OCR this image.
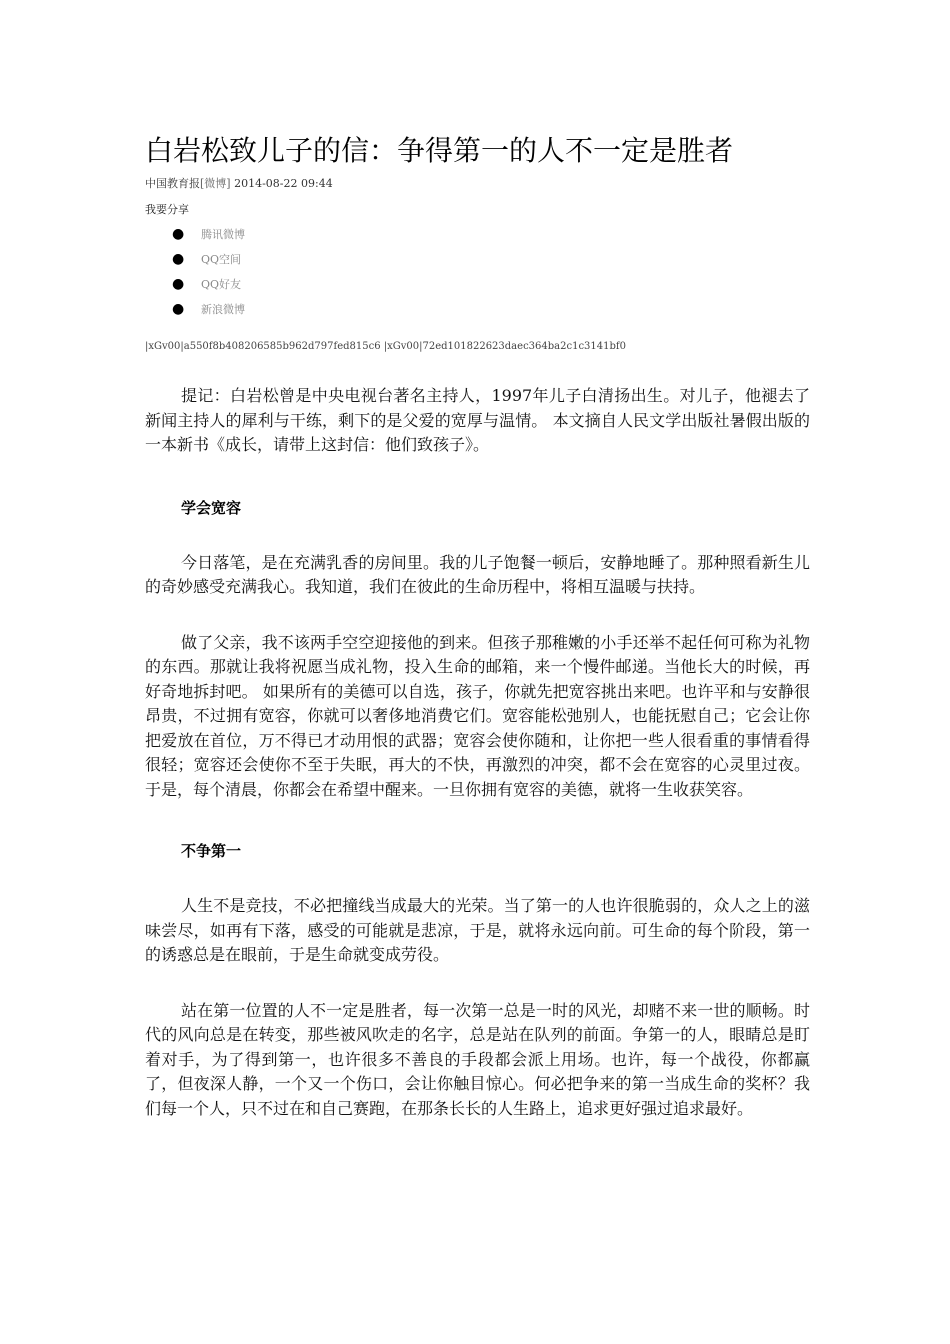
白岩松致儿子的信：争得第一的人不一定是胜者
中国教育报[微博] 2014-08-22 09:44
我要分享
● 腾讯微博
● QQ空间
● QQ好友
● 新浪微博
|xGv00|a550f8b408206585b962d797fed815c6 |xGv00|72ed101822623daec364ba2c1c3141bf0

提记：白岩松曾是中央电视台著名主持人，1997年儿子白清扬出生。对儿子，他褪去了新闻主持人的犀利与干练，剩下的是父爱的宽厚与温情。 本文摘自人民文学出版社暑假出版的一本新书《成长，请带上这封信：他们致孩子》。

学会宽容

今日落笔，是在充满乳香的房间里。我的儿子饱餐一顿后，安静地睡了。那种照看新生儿的奇妙感受充满我心。我知道，我们在彼此的生命历程中，将相互温暖与扶持。

做了父亲，我不该两手空空迎接他的到来。但孩子那稚嫩的小手还举不起任何可称为礼物的东西。那就让我将祝愿当成礼物，投入生命的邮箱，来一个慢件邮递。当他长大的时候，再好奇地拆封吧。 如果所有的美德可以自选，孩子，你就先把宽容挑出来吧。也许平和与安静很昂贵，不过拥有宽容，你就可以奢侈地消费它们。宽容能松弛别人，也能抚慰自己；它会让你把爱放在首位，万不得已才动用恨的武器；宽容会使你随和，让你把一些人很看重的事情看得很轻；宽容还会使你不至于失眠，再大的不快，再激烈的冲突，都不会在宽容的心灵里过夜。于是，每个清晨，你都会在希望中醒来。一旦你拥有宽容的美德，就将一生收获笑容。

不争第一

人生不是竞技，不必把撞线当成最大的光荣。当了第一的人也许很脆弱的，众人之上的滋味尝尽，如再有下落，感受的可能就是悲凉，于是，就将永远向前。可生命的每个阶段，第一的诱惑总是在眼前，于是生命就变成劳役。

站在第一位置的人不一定是胜者，每一次第一总是一时的风光，却赌不来一世的顺畅。时代的风向总是在转变，那些被风吹走的名字，总是站在队列的前面。争第一的人，眼睛总是盯着对手，为了得到第一，也许很多不善良的手段都会派上用场。也许，每一个战役，你都赢了，但夜深人静，一个又一个伤口，会让你触目惊心。何必把争来的第一当成生命的奖杯？我们每一个人，只不过在和自己赛跑，在那条长长的人生路上，追求更好强过追求最好。
